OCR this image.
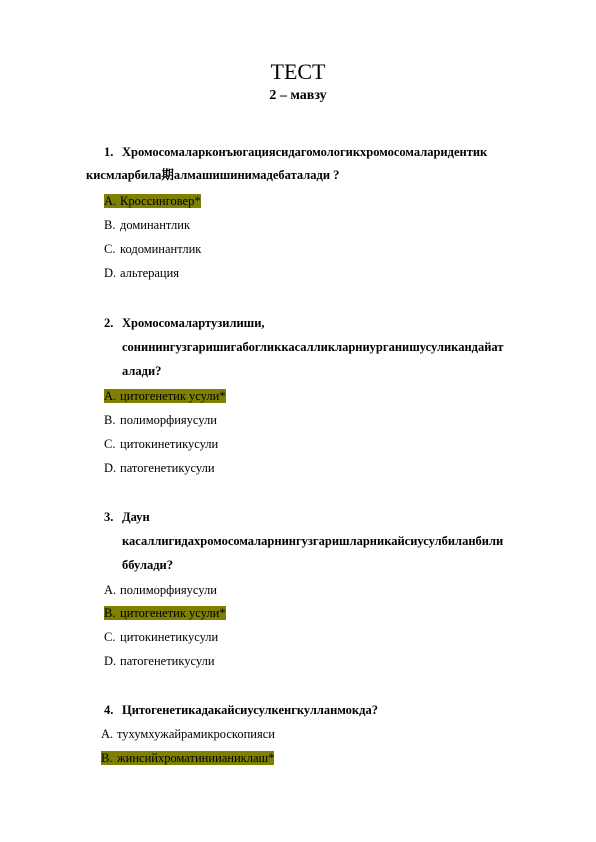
ТЕСТ
2 – мавзу
1. Хромосомаларконъюгациясидагомологикхромосомаларидентик
кисмларбила期алмашишинимадебаталади ?
A. Кроссинговер*
B. доминантлик
C. кодоминантлик
D. альтерация
2. Хромосомалартузилиши,
сонинингузгаришигабогликкасалликларниурганишусуликандайат
алади?
A. цитогенетик усули*
B. полиморфияусули
C. цитокинетикусули
D. патогенетикусули
3. Даун
касаллигидахромосомаларнингузгаришларникайсиусулбиланбили
ббулади?
A. полиморфияусули
B. цитогенетик усули*
C. цитокинетикусули
D. патогенетикусули
4. Цитогенетикадакайсиусулкенгкулланмокда?
A. тухумхужайрамикроскопияси
B. жинсийхроматиниианиклаш*
